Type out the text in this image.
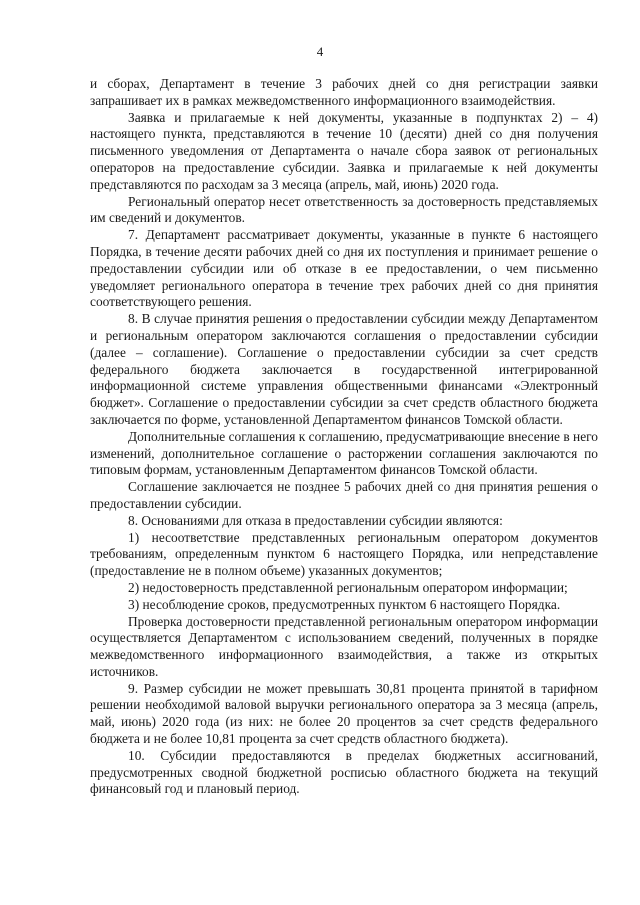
4

и сборах, Департамент в течение 3 рабочих дней со дня регистрации заявки запрашивает их в рамках межведомственного информационного взаимодействия.

Заявка и прилагаемые к ней документы, указанные в подпунктах 2) – 4) настоящего пункта, представляются в течение 10 (десяти) дней со дня получения письменного уведомления от Департамента о начале сбора заявок от региональных операторов на предоставление субсидии. Заявка и прилагаемые к ней документы представляются по расходам за 3 месяца (апрель, май, июнь) 2020 года.

Региональный оператор несет ответственность за достоверность представляемых им сведений и документов.

7. Департамент рассматривает документы, указанные в пункте 6 настоящего Порядка, в течение десяти рабочих дней со дня их поступления и принимает решение о предоставлении субсидии или об отказе в ее предоставлении, о чем письменно уведомляет регионального оператора в течение трех рабочих дней со дня принятия соответствующего решения.

8. В случае принятия решения о предоставлении субсидии между Департаментом и региональным оператором заключаются соглашения о предоставлении субсидии (далее – соглашение). Соглашение о предоставлении субсидии за счет средств федерального бюджета заключается в государственной интегрированной информационной системе управления общественными финансами «Электронный бюджет». Соглашение о предоставлении субсидии за счет средств областного бюджета заключается по форме, установленной Департаментом финансов Томской области.

Дополнительные соглашения к соглашению, предусматривающие внесение в него изменений, дополнительное соглашение о расторжении соглашения заключаются по типовым формам, установленным Департаментом финансов Томской области.

Соглашение заключается не позднее 5 рабочих дней со дня принятия решения о предоставлении субсидии.

8. Основаниями для отказа в предоставлении субсидии являются:

1) несоответствие представленных региональным оператором документов требованиям, определенным пунктом 6 настоящего Порядка, или непредставление (предоставление не в полном объеме) указанных документов;

2) недостоверность представленной региональным оператором информации;

3) несоблюдение сроков, предусмотренных пунктом 6 настоящего Порядка.

Проверка достоверности представленной региональным оператором информации осуществляется Департаментом с использованием сведений, полученных в порядке межведомственного информационного взаимодействия, а также из открытых источников.

9. Размер субсидии не может превышать 30,81 процента принятой в тарифном решении необходимой валовой выручки регионального оператора за 3 месяца (апрель, май, июнь) 2020 года (из них: не более 20 процентов за счет средств федерального бюджета и не более 10,81 процента за счет средств областного бюджета).

10. Субсидии предоставляются в пределах бюджетных ассигнований, предусмотренных сводной бюджетной росписью областного бюджета на текущий финансовый год и плановый период.
